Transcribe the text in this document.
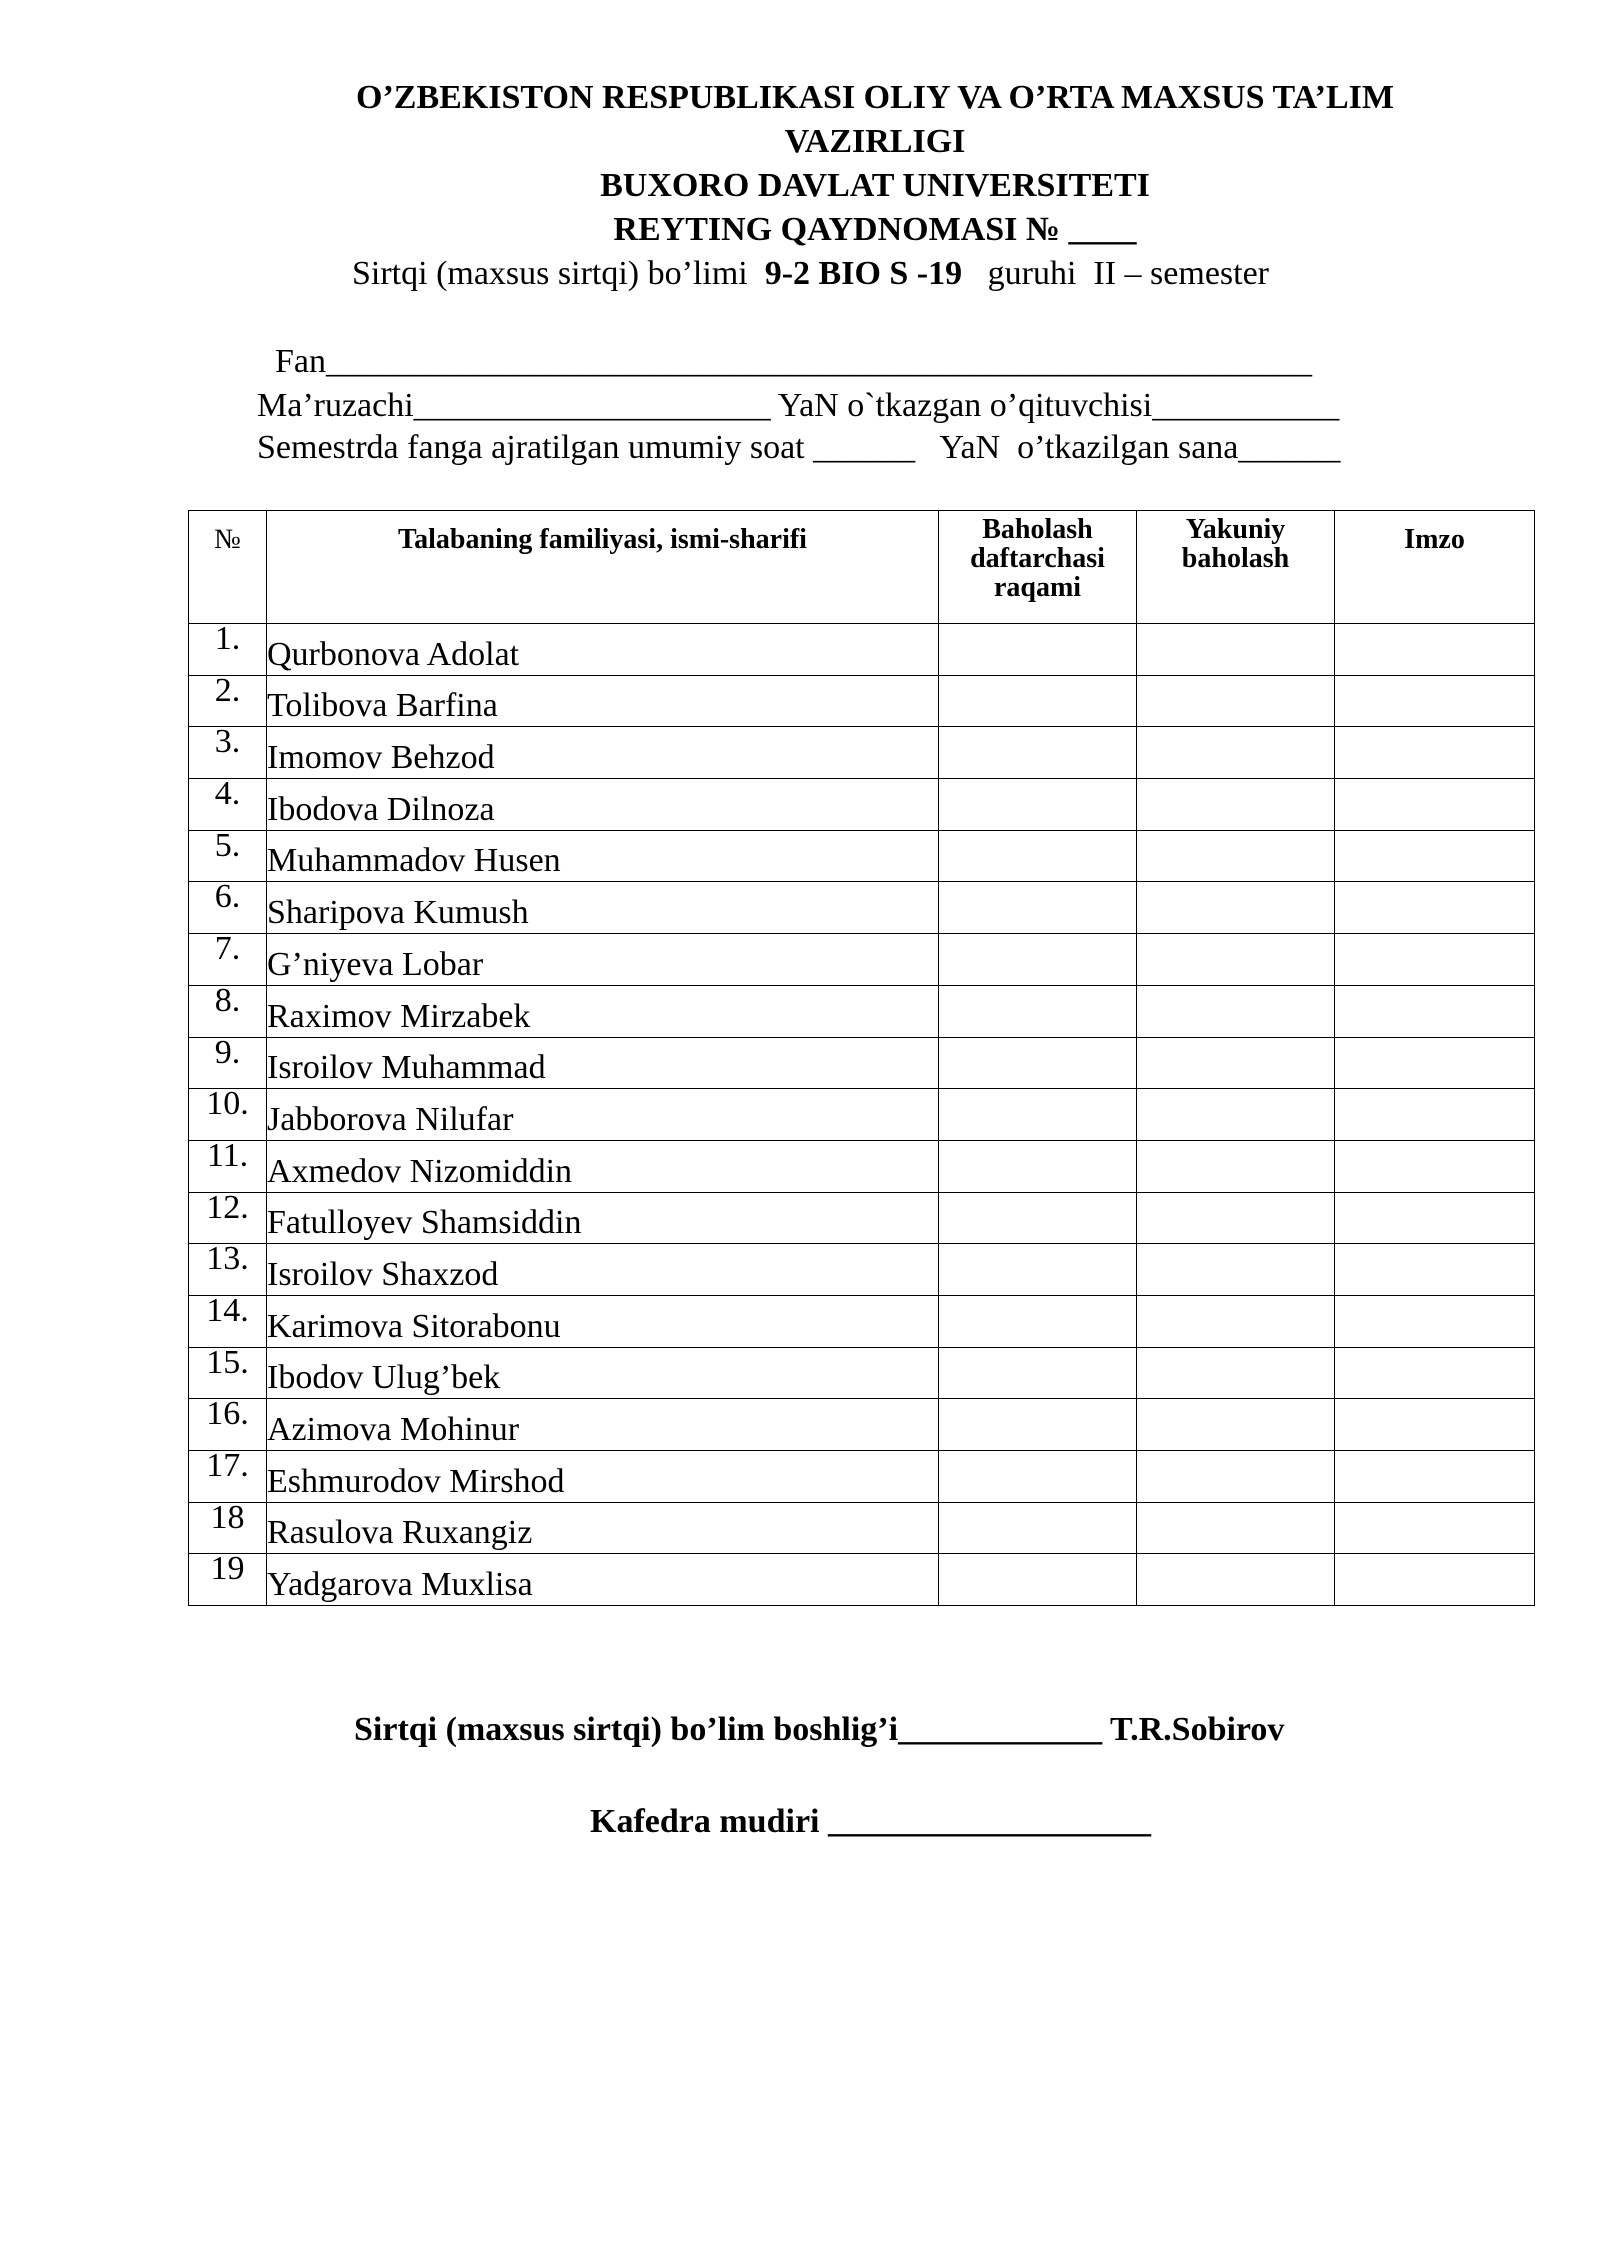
O’ZBEKISTON RESPUBLIKASI OLIY VA O’RTA MAXSUS TA’LIM
VAZIRLIGI
BUXORO DAVLAT UNIVERSITETI
REYTING QAYDNOMASI № ____
Sirtqi (maxsus sirtqi) bo’limi  9-2 BIO S -19   guruhi  II – semester
Fan__________________________________________________________
Ma’ruzachi_____________________ YaN o`tkazgan o’qituvchisi___________
Semestrda fanga ajratilgan umumiy soat ______   YaN  o’tkazilgan sana______
№	Talabaning familiyasi, ismi-sharifi	Baholash daftarchasi raqami	Yakuniy baholash	Imzo
1.	Qurbonova Adolat			
2.	Tolibova Barfina			
3.	Imomov Behzod			
4.	Ibodova Dilnoza			
5.	Muhammadov Husen			
6.	Sharipova Kumush			
7.	G’niyeva Lobar			
8.	Raximov Mirzabek			
9.	Isroilov Muhammad			
10.	Jabborova Nilufar			
11.	Axmedov Nizomiddin			
12.	Fatulloyev Shamsiddin			
13.	Isroilov Shaxzod			
14.	Karimova Sitorabonu			
15.	Ibodov Ulug’bek			
16.	Azimova Mohinur			
17.	Eshmurodov Mirshod			
18	Rasulova Ruxangiz			
19	Yadgarova Muxlisa			
Sirtqi (maxsus sirtqi) bo’lim boshlig’i____________ T.R.Sobirov
Kafedra mudiri ___________________
